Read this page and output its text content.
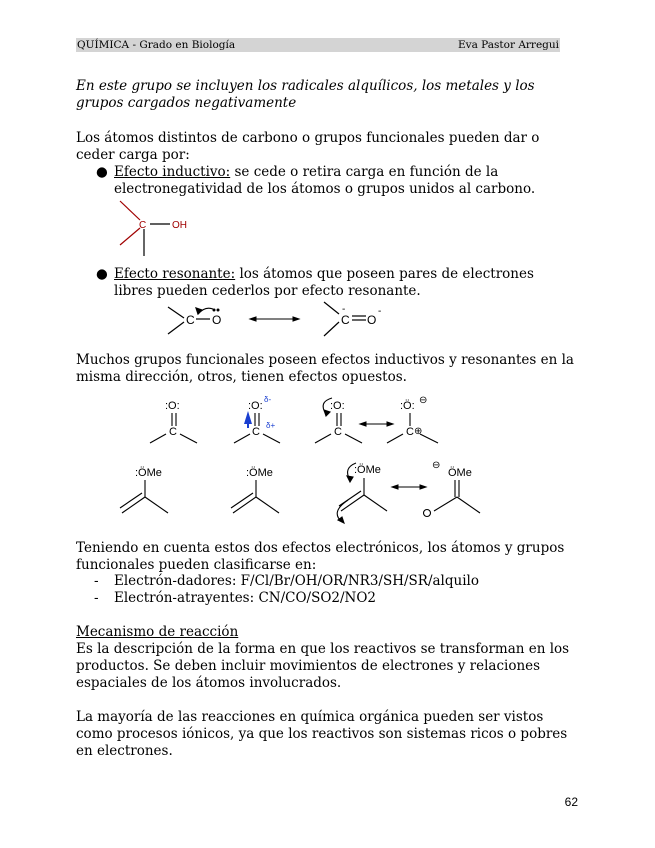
QUÍMICA - Grado en Biología	Eva Pastor Arregui
En este grupo se incluyen los radicales alquílicos, los metales y los grupos cargados negativamente
Los átomos distintos de carbono o grupos funcionales pueden dar o ceder carga por:
● Efecto inductivo: se cede o retira carga en función de la electronegatividad de los átomos o grupos unidos al carbono.
● Efecto resonante: los átomos que poseen pares de electrones libres pueden cederlos por efecto resonante.
Muchos grupos funcionales poseen efectos inductivos y resonantes en la misma dirección, otros, tienen efectos opuestos.
Teniendo en cuenta estos dos efectos electrónicos, los átomos y grupos funcionales pueden clasificarse en:
- Electrón-dadores: F/Cl/Br/OH/OR/NR3/SH/SR/alquilo
- Electrón-atrayentes: CN/CO/SO2/NO2
Mecanismo de reacción
Es la descripción de la forma en que los reactivos se transforman en los productos. Se deben incluir movimientos de electrones y relaciones espaciales de los átomos involucrados.
La mayoría de las reacciones en química orgánica pueden ser vistos como procesos iónicos, ya que los reactivos son sistemas ricos o pobres en electrones.
62
C	OH
C O	C O
-	-
:O:
C
:O:
δ-
C
δ+
:O:
C
:Ö: ⊖
C ⊕
:ÖMe	:ÖMe	:ÖMe	⊖
ÖMe
